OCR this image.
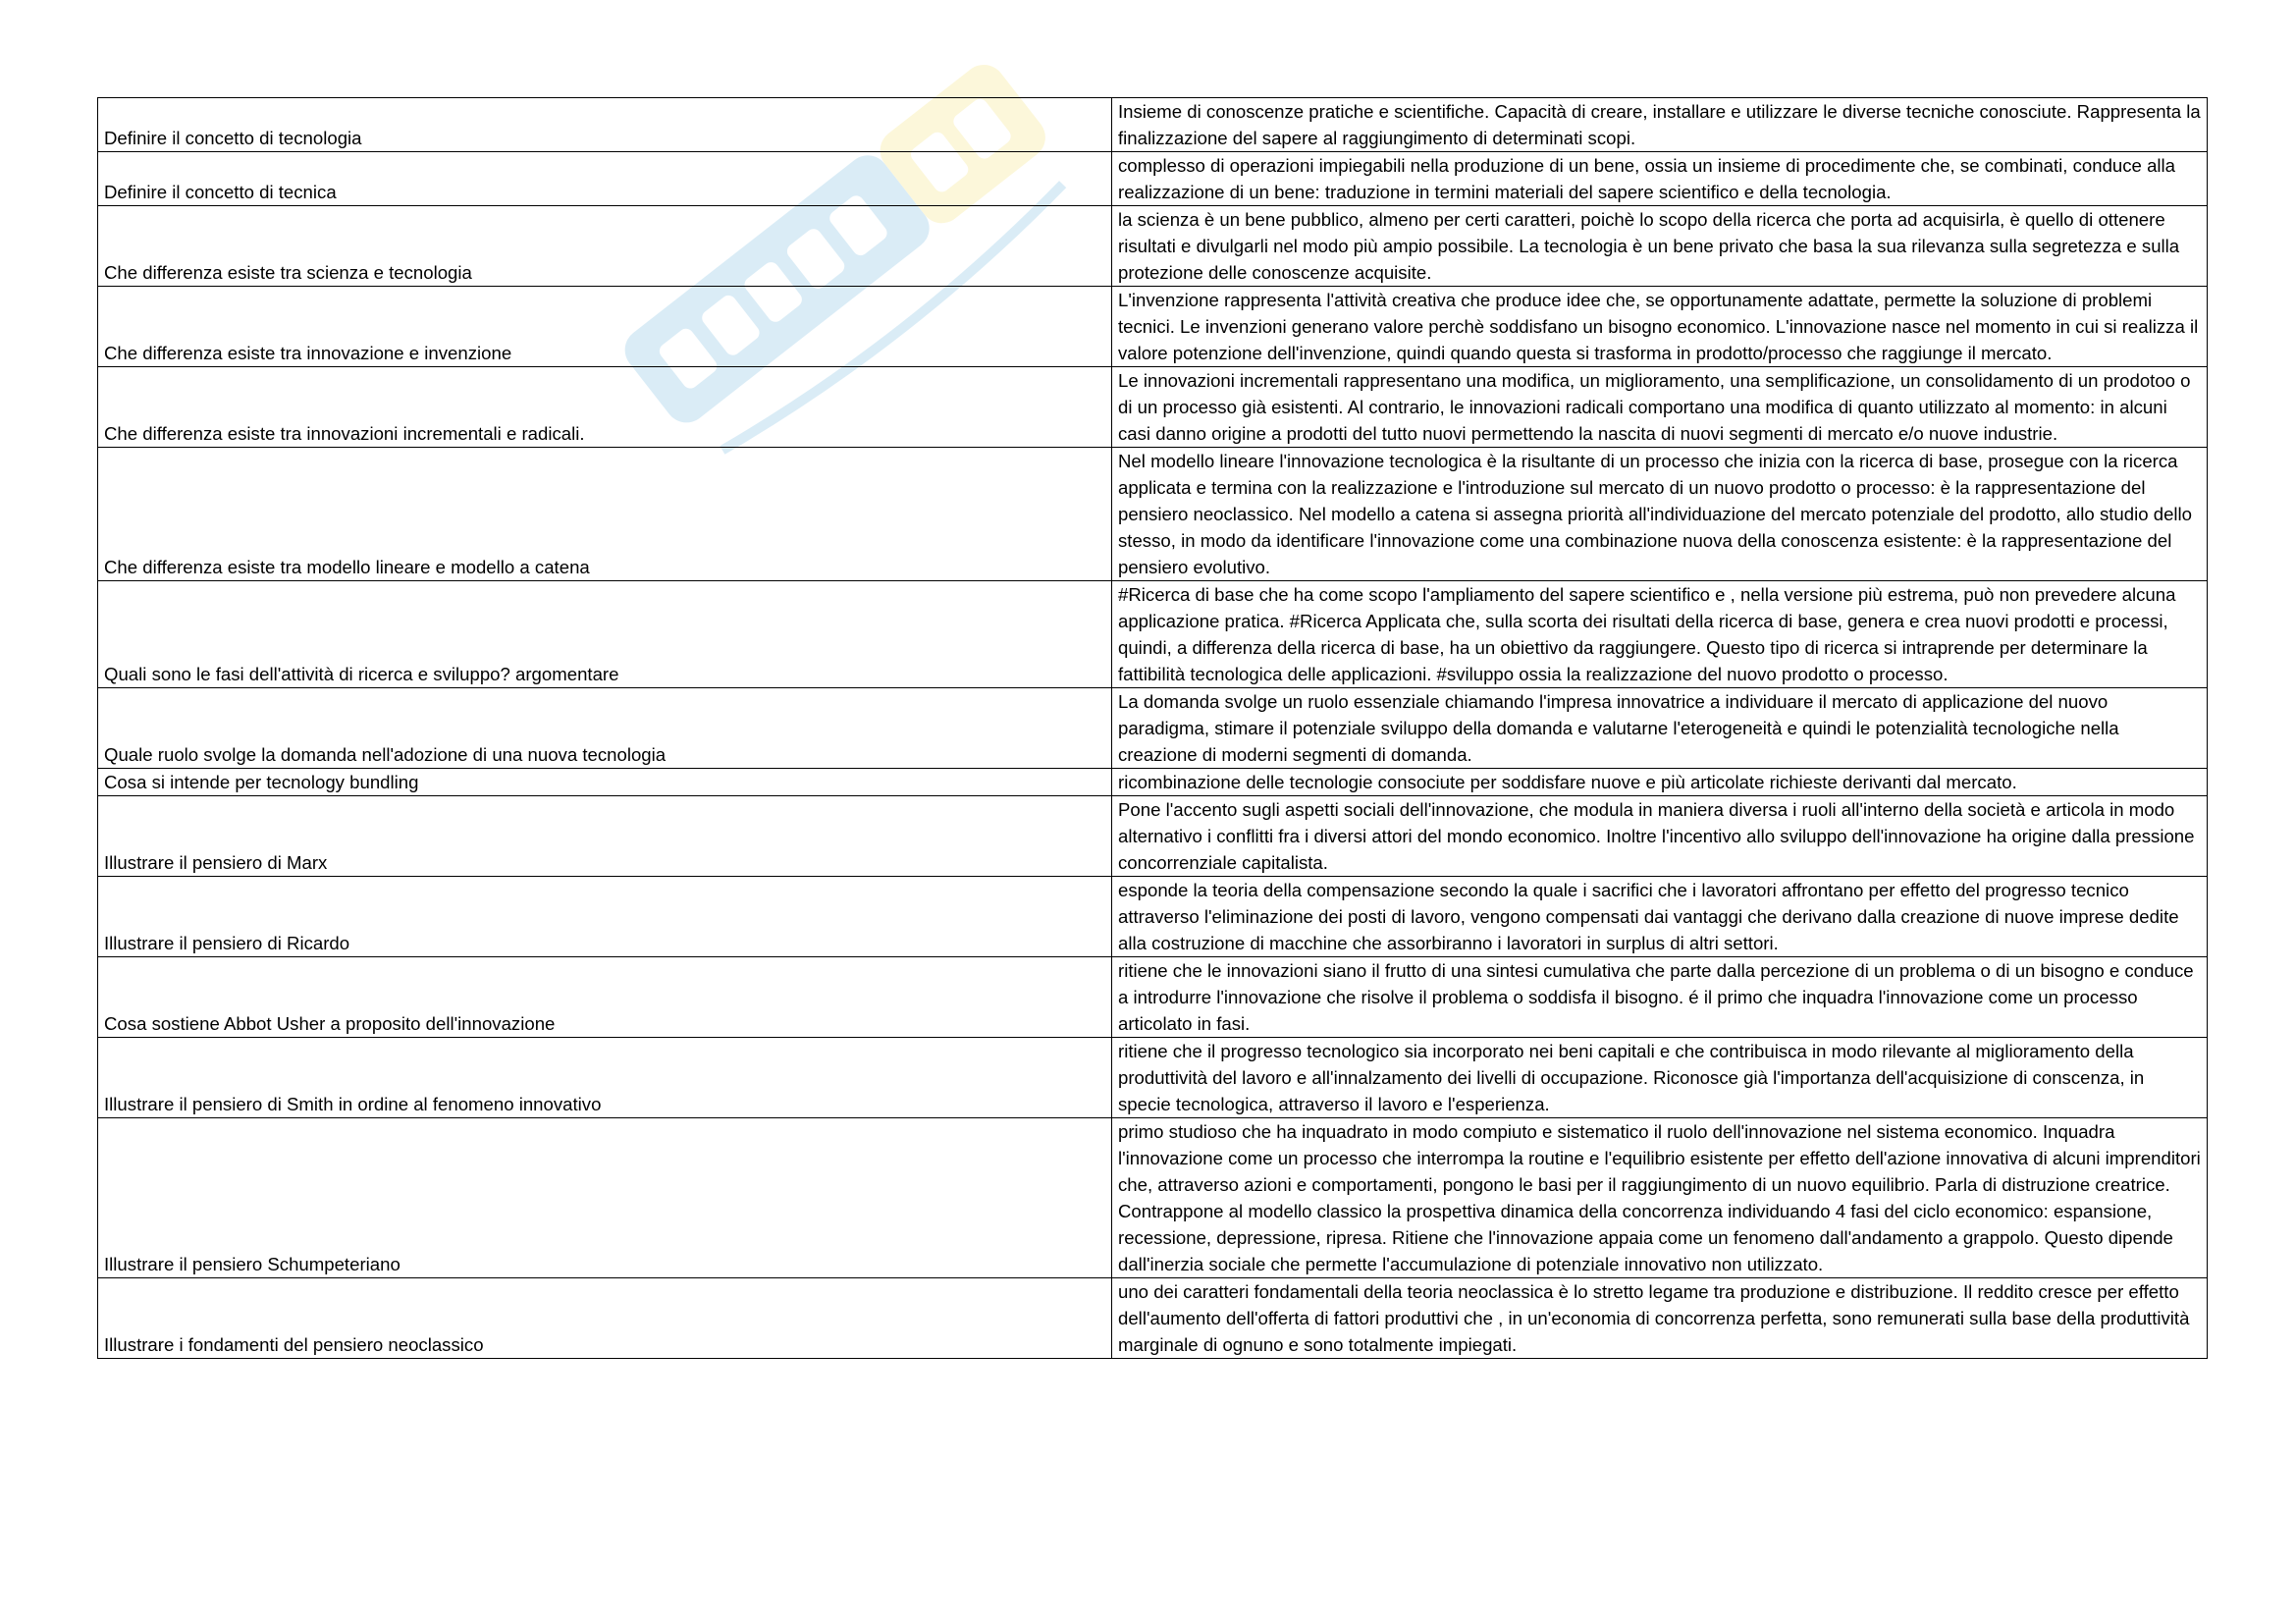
Definire il concetto di tecnologia	Insieme di conoscenze pratiche e scientifiche. Capacità di creare, installare e utilizzare le diverse tecniche conosciute. Rappresenta la finalizzazione del sapere al raggiungimento di determinati scopi.
Definire il concetto di tecnica	complesso di operazioni impiegabili nella produzione di un bene, ossia un insieme di procedimente che, se combinati, conduce alla realizzazione di un bene: traduzione in termini materiali del sapere scientifico e della tecnologia.
Che differenza esiste tra scienza e tecnologia	la scienza è un bene pubblico, almeno per certi caratteri, poichè lo scopo della ricerca che porta ad acquisirla, è quello di ottenere risultati e divulgarli nel modo più ampio possibile. La tecnologia è un bene privato che basa la sua rilevanza sulla segretezza e sulla protezione delle conoscenze acquisite.
Che differenza esiste tra innovazione e invenzione	L'invenzione rappresenta l'attività creativa che produce idee che, se opportunamente adattate, permette la soluzione di problemi tecnici. Le invenzioni generano valore perchè soddisfano un bisogno economico. L'innovazione nasce nel momento in cui si realizza il valore potenzione dell'invenzione, quindi quando questa si trasforma in prodotto/processo che raggiunge il mercato.
Che differenza esiste tra innovazioni incrementali e radicali.	Le innovazioni incrementali rappresentano una modifica, un miglioramento, una semplificazione, un consolidamento di un prodotoo o di un processo già esistenti. Al contrario, le innovazioni radicali comportano una modifica di quanto utilizzato al momento: in alcuni casi danno origine a prodotti del tutto nuovi permettendo la nascita di nuovi segmenti di mercato e/o nuove industrie.
Che differenza esiste tra modello lineare e modello a catena	Nel modello lineare l'innovazione tecnologica è la risultante di un processo che inizia con la ricerca di base, prosegue con la ricerca applicata e termina con la realizzazione e l'introduzione sul mercato di un nuovo prodotto o processo: è la rappresentazione del pensiero neoclassico. Nel modello a catena si assegna priorità all'individuazione del mercato potenziale del prodotto, allo studio dello stesso, in modo da identificare l'innovazione come una combinazione nuova della conoscenza esistente: è la rappresentazione del pensiero evolutivo.
Quali sono le fasi dell'attività di ricerca e sviluppo? argomentare	#Ricerca di base che ha come scopo l'ampliamento del sapere scientifico e , nella versione più estrema, può non prevedere alcuna applicazione pratica. #Ricerca Applicata che, sulla scorta dei risultati della ricerca di base, genera e crea nuovi prodotti e processi, quindi, a differenza della ricerca di base, ha un obiettivo da raggiungere. Questo tipo di ricerca si intraprende per determinare la fattibilità tecnologica delle applicazioni. #sviluppo ossia la realizzazione del nuovo prodotto o processo.
Quale ruolo svolge la domanda nell'adozione di una nuova tecnologia	La domanda svolge un ruolo essenziale chiamando l'impresa innovatrice a individuare il mercato di applicazione del nuovo paradigma, stimare il potenziale sviluppo della domanda e valutarne l'eterogeneità e quindi le potenzialità tecnologiche nella creazione di moderni segmenti di domanda.
Cosa si intende per tecnology bundling	ricombinazione delle tecnologie consociute per soddisfare nuove e più articolate richieste derivanti dal mercato.
Illustrare il pensiero di Marx	Pone l'accento sugli aspetti sociali dell'innovazione, che modula in maniera diversa i ruoli all'interno della società e articola in modo alternativo i conflitti fra i diversi attori del mondo economico. Inoltre l'incentivo allo sviluppo dell'innovazione ha origine dalla pressione concorrenziale capitalista.
Illustrare il pensiero di Ricardo	esponde la teoria della compensazione secondo la quale i sacrifici che i lavoratori affrontano per effetto del progresso tecnico attraverso l'eliminazione dei posti di lavoro, vengono compensati dai vantaggi che derivano dalla creazione di nuove imprese dedite alla costruzione di macchine che assorbiranno i lavoratori in surplus di altri settori.
Cosa sostiene Abbot Usher a proposito dell'innovazione	ritiene che le innovazioni siano il frutto di una sintesi cumulativa che parte dalla percezione di un problema o di un bisogno e conduce a introdurre l'innovazione che risolve il problema o soddisfa il bisogno. é il primo che inquadra l'innovazione come un processo articolato in fasi.
Illustrare il pensiero di Smith in ordine al fenomeno innovativo	ritiene che il progresso tecnologico sia incorporato nei beni capitali e che contribuisca in modo rilevante al miglioramento della produttività del lavoro e all'innalzamento dei livelli di occupazione. Riconosce già l'importanza dell'acquisizione di conscenza, in specie tecnologica, attraverso il lavoro e l'esperienza.
Illustrare il pensiero Schumpeteriano	primo studioso che ha inquadrato in modo compiuto e sistematico il ruolo dell'innovazione nel sistema economico. Inquadra l'innovazione come un processo che interrompa la routine e l'equilibrio esistente per effetto dell'azione innovativa di alcuni imprenditori che, attraverso azioni e comportamenti, pongono le basi per il raggiungimento di un nuovo equilibrio. Parla di distruzione creatrice. Contrappone al modello classico la prospettiva dinamica della concorrenza individuando 4 fasi del ciclo economico: espansione, recessione, depressione, ripresa. Ritiene che l'innovazione appaia come un fenomeno dall'andamento a grappolo. Questo dipende dall'inerzia sociale che permette l'accumulazione di potenziale innovativo non utilizzato.
Illustrare i fondamenti del pensiero neoclassico	uno dei caratteri fondamentali della teoria neoclassica è lo stretto legame tra produzione e distribuzione. Il reddito cresce per effetto dell'aumento dell'offerta di fattori produttivi che , in un'economia di concorrenza perfetta, sono remunerati sulla base della produttività marginale di ognuno e sono totalmente impiegati.
